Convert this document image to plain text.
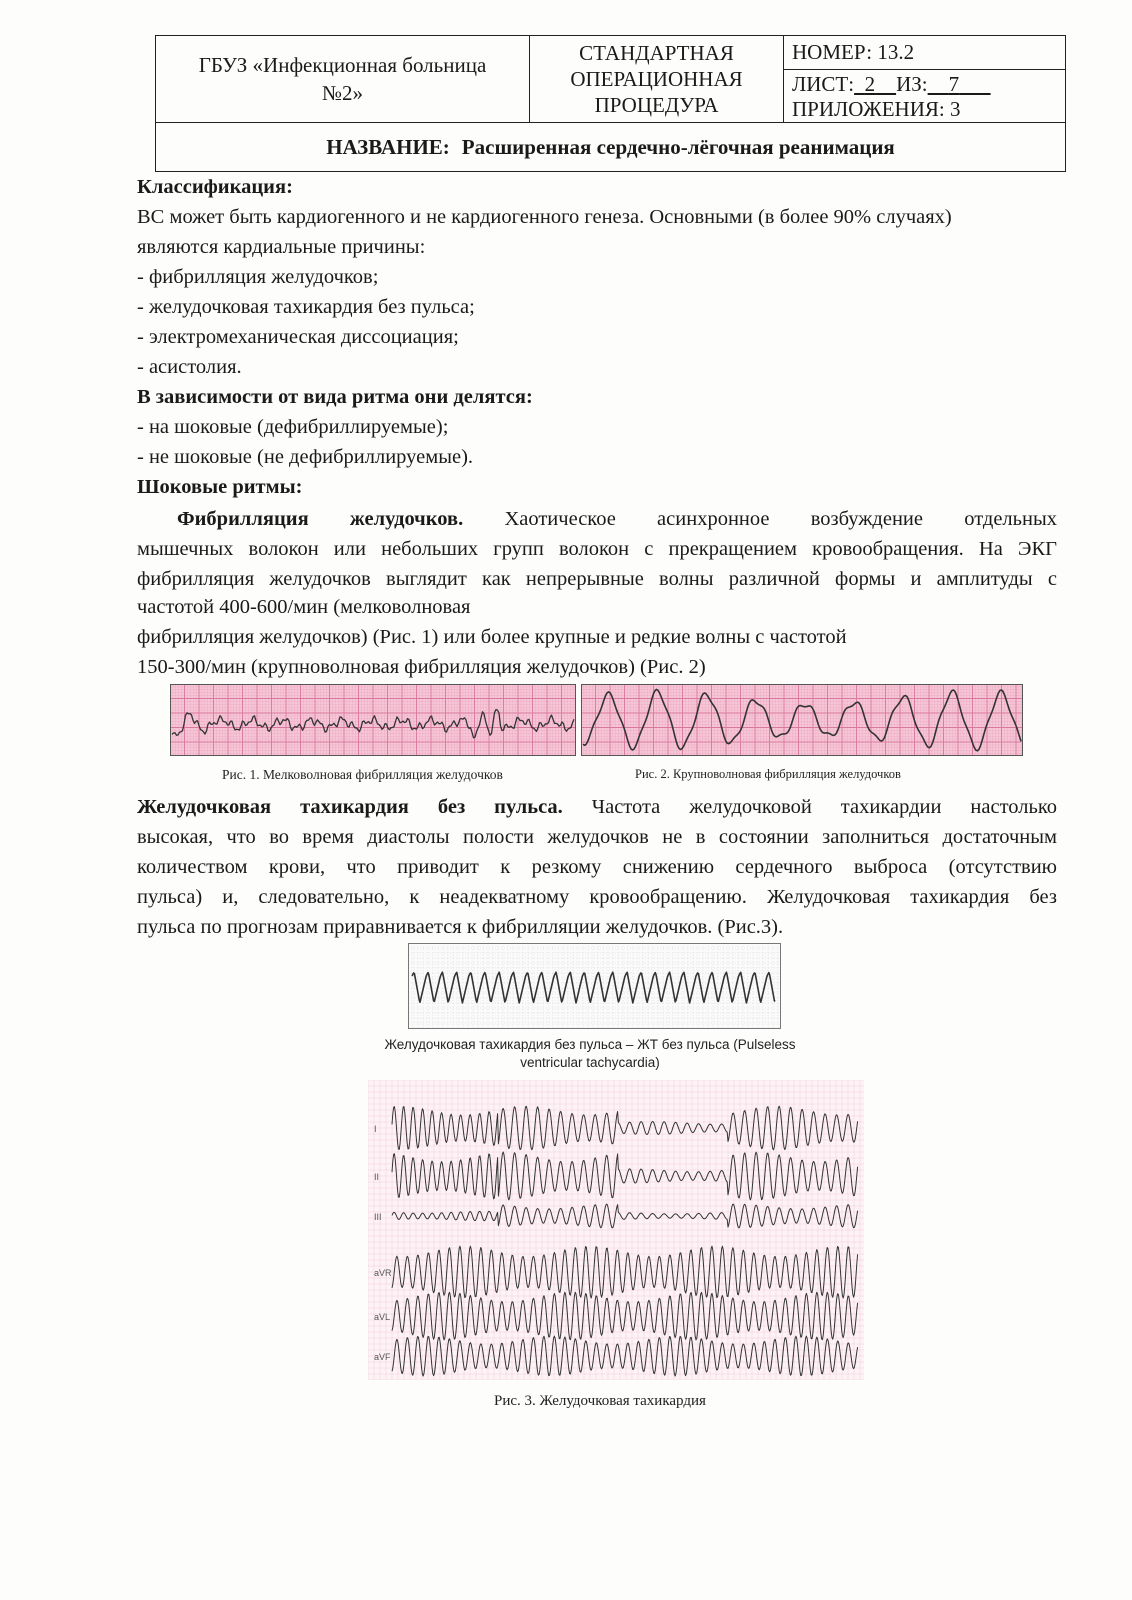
ГБУЗ «Инфекционная больница №2»
СТАНДАРТНАЯ
ОПЕРАЦИОННАЯ
ПРОЦЕДУРА
НОМЕР: 13.2
ЛИСТ: 2 ИЗ: 7
ПРИЛОЖЕНИЯ: 3
НАЗВАНИЕ: Расширенная сердечно-лёгочная реанимация
Классификация:
ВС может быть кардиогенного и не кардиогенного генеза. Основными (в более 90% случаях)
являются кардиальные причины:
- фибрилляция желудочков;
- желудочковая тахикардия без пульса;
- электромеханическая диссоциация;
- асистолия.
В зависимости от вида ритма они делятся:
- на шоковые (дефибриллируемые);
- не шоковые (не дефибриллируемые).
Шоковые ритмы:
Фибрилляция желудочков. Хаотическое асинхронное возбуждение отдельных
мышечных волокон или небольших групп волокон с прекращением кровообращения. На ЭКГ
фибрилляция желудочков выглядит как непрерывные волны различной формы и амплитуды с
частотой 400-600/мин (мелковолновая
фибрилляция желудочков) (Рис. 1) или более крупные и редкие волны с частотой
150-300/мин (крупноволновая фибрилляция желудочков) (Рис. 2)
Рис. 1. Мелковолновая фибрилляция желудочков	Рис. 2. Крупноволновая фибрилляция желудочков
Желудочковая тахикардия без пульса. Частота желудочковой тахикардии настолько
высокая, что во время диастолы полости желудочков не в состоянии заполниться достаточным
количеством крови, что приводит к резкому снижению сердечного выброса (отсутствию
пульса) и, следовательно, к неадекватному кровообращению. Желудочковая тахикардия без
пульса по прогнозам приравнивается к фибрилляции желудочков. (Рис.3).
Желудочковая тахикардия без пульса – ЖТ без пульса (Pulseless
ventricular tachycardia)
I
II
III
aVR
aVL
aVF
Рис. 3. Желудочковая тахикардия
